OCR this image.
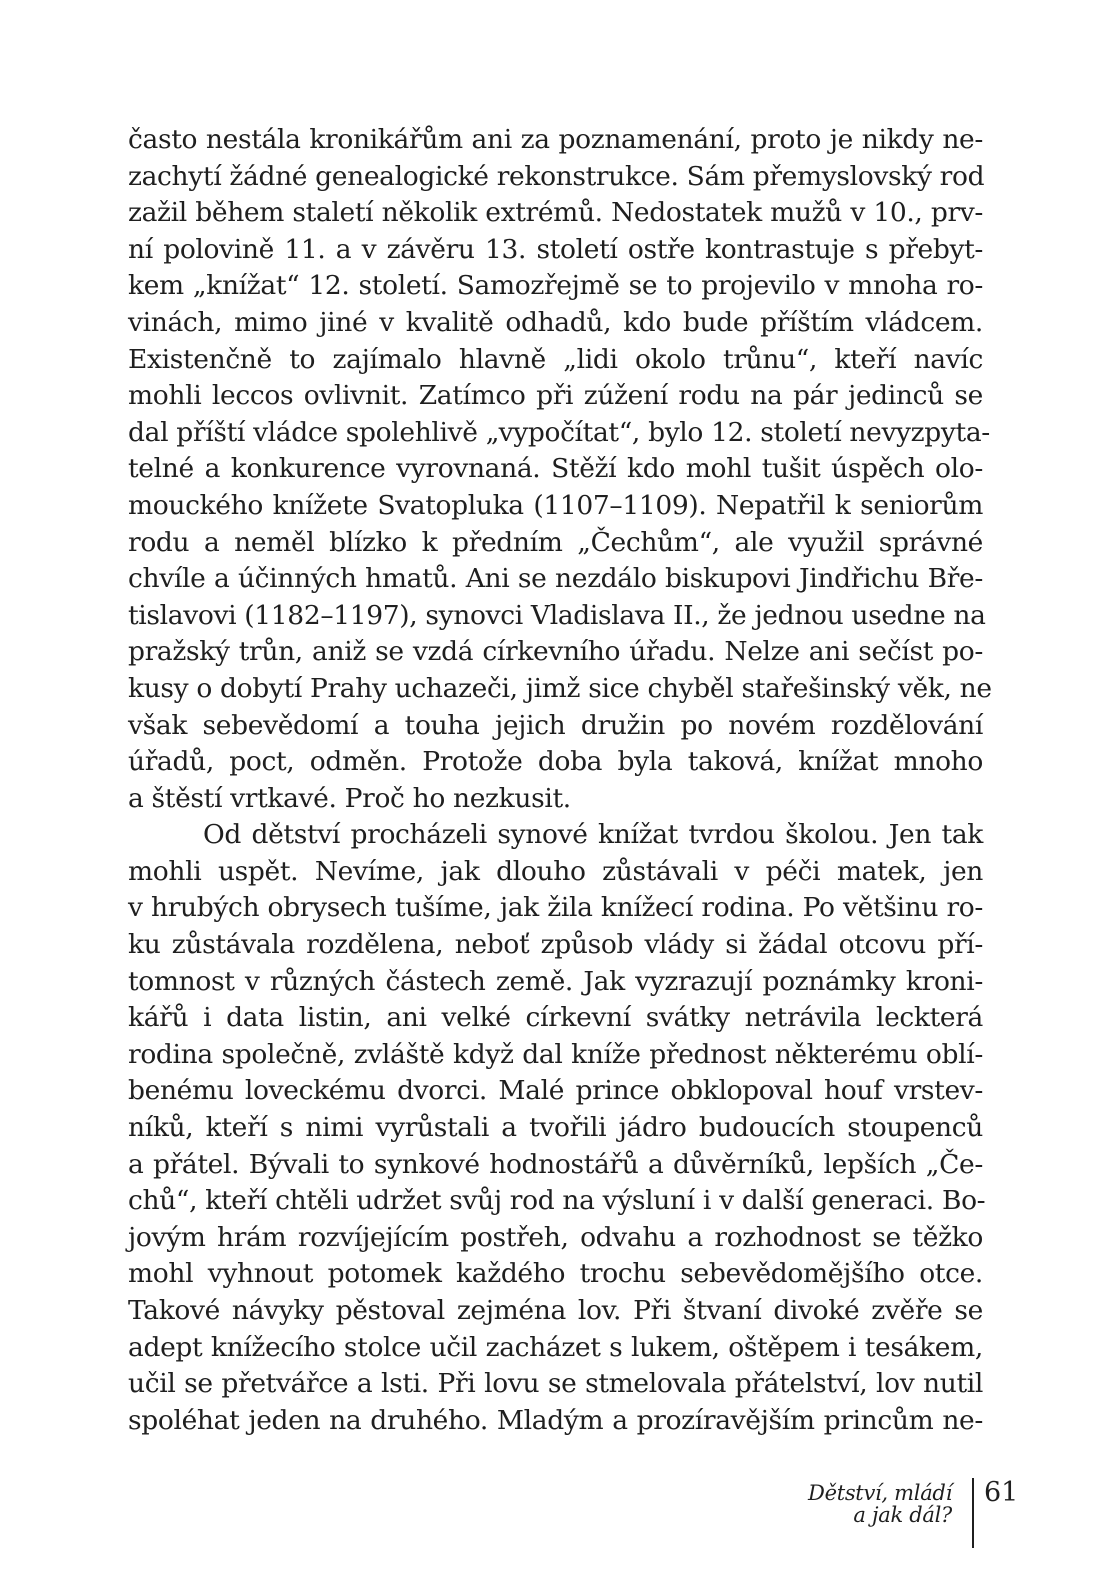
často nestála kronikářům ani za poznamenání, proto je nikdy ne-
zachytí žádné genealogické rekonstrukce. Sám přemyslovský rod
zažil během staletí několik extrémů. Nedostatek mužů v 10., prv-
ní polovině 11. a v závěru 13. století ostře kontrastuje s přebyt-
kem „knížat“ 12. století. Samozřejmě se to projevilo v mnoha ro-
vinách, mimo jiné v kvalitě odhadů, kdo bude příštím vládcem.
Existenčně to zajímalo hlavně „lidi okolo trůnu“, kteří navíc
mohli leccos ovlivnit. Zatímco při zúžení rodu na pár jedinců se
dal příští vládce spolehlivě „vypočítat“, bylo 12. století nevyzpyta-
telné a konkurence vyrovnaná. Stěží kdo mohl tušit úspěch olo-
mouckého knížete Svatopluka (1107–1109). Nepatřil k seniorům
rodu a neměl blízko k předním „Čechům“, ale využil správné
chvíle a účinných hmatů. Ani se nezdálo biskupovi Jindřichu Bře-
tislavovi (1182–1197), synovci Vladislava II., že jednou usedne na
pražský trůn, aniž se vzdá církevního úřadu. Nelze ani sečíst po-
kusy o dobytí Prahy uchazeči, jimž sice chyběl stařešinský věk, ne
však sebevědomí a touha jejich družin po novém rozdělování
úřadů, poct, odměn. Protože doba byla taková, knížat mnoho
a štěstí vrtkavé. Proč ho nezkusit.
Od dětství procházeli synové knížat tvrdou školou. Jen tak
mohli uspět. Nevíme, jak dlouho zůstávali v péči matek, jen
v hrubých obrysech tušíme, jak žila knížecí rodina. Po většinu ro-
ku zůstávala rozdělena, neboť způsob vlády si žádal otcovu pří-
tomnost v různých částech země. Jak vyzrazují poznámky kroni-
kářů i data listin, ani velké církevní svátky netrávila leckterá
rodina společně, zvláště když dal kníže přednost některému oblí-
benému loveckému dvorci. Malé prince obklopoval houf vrstev-
níků, kteří s nimi vyrůstali a tvořili jádro budoucích stoupenců
a přátel. Bývali to synkové hodnostářů a důvěrníků, lepších „Če-
chů“, kteří chtěli udržet svůj rod na výsluní i v další generaci. Bo-
jovým hrám rozvíjejícím postřeh, odvahu a rozhodnost se těžko
mohl vyhnout potomek každého trochu sebevědomějšího otce.
Takové návyky pěstoval zejména lov. Při štvaní divoké zvěře se
adept knížecího stolce učil zacházet s lukem, oštěpem i tesákem,
učil se přetvářce a lsti. Při lovu se stmelovala přátelství, lov nutil
spoléhat jeden na druhého. Mladým a prozíravějším princům ne-
Dětství, mládí
a jak dál?
61
